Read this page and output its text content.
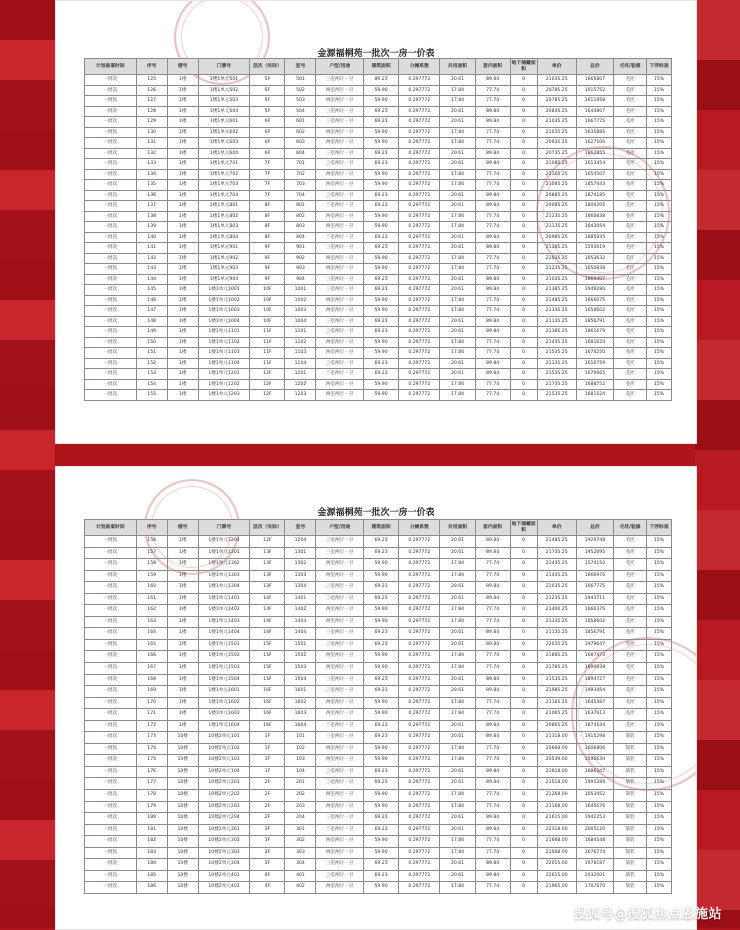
金源福桐苑一批次一房一价表
计划备案时间	序号	楼号	门牌号	层次（实际）	室号	户型/用途	建筑面积	分摊系数	共用面积	套内面积	地下储藏面积	单价	总价	毛坯/装修	下浮标准
一批次	125	1楼	1楼1单元501	5F	501	三室两厅一卫	89.23	0.297772	20.61	89.84	0	21035.25	1665807	毛坯	15%
一批次	126	1楼	1楼1单元502	5F	502	两室两厅一卫	59.90	0.297772	17.84	77.74	0	20785.25	1615752	毛坯	15%
一批次	127	1楼	1楼1单元503	5F	503	两室两厅一卫	59.90	0.297772	17.84	77.74	0	20785.25	1611958	毛坯	15%
一批次	128	1楼	1楼1单元504	5F	504	三室两厅一卫	69.23	0.297772	20.61	89.84	0	20835.25	1644807	毛坯	15%
一批次	129	1楼	1楼1单元601	6F	601	三室两厅一卫	69.23	0.297772	20.61	89.84	0	21035.25	1667775	毛坯	15%
一批次	130	1楼	1楼1单元602	6F	602	两室两厅一卫	59.90	0.297772	17.84	77.74	0	21035.25	1635885	毛坯	15%
一批次	131	1楼	1楼1单元603	6F	603	两室两厅一卫	59.90	0.297772	17.84	77.74	0	20935.25	1627506	毛坯	15%
一批次	132	1楼	1楼1单元604	6F	604	三室两厅一卫	69.23	0.297772	20.61	89.84	0	20735.25	1862855	毛坯	15%
一批次	133	1楼	1楼1单元701	7F	701	三室两厅一卫	69.23	0.297772	20.61	89.84	0	21085.25	1613454	毛坯	15%
一批次	134	1楼	1楼1单元702	7F	702	两室两厅一卫	59.90	0.297772	17.84	77.74	0	21165.25	1654507	毛坯	15%
一批次	135	1楼	1楼1单元703	7F	703	两室两厅一卫	59.90	0.297772	17.84	77.74	0	21085.25	1657443	毛坯	15%
一批次	136	1楼	1楼1单元704	7F	704	三室两厅一卫	69.23	0.297772	20.61	89.84	0	20885.25	1874185	毛坯	15%
一批次	137	1楼	1楼1单元801	8F	801	三室两厅一卫	69.23	0.297772	20.61	89.84	0	20085.25	1800205	毛坯	15%
一批次	138	1楼	1楼1单元802	8F	802	两室两厅一卫	59.90	0.297772	17.84	77.74	0	21235.25	1660838	毛坯	15%
一批次	139	1楼	1楼1单元803	8F	803	两室两厅一卫	59.90	0.297772	17.84	77.74	0	21135.25	1643054	毛坯	15%
一批次	140	1楼	1楼1单元804	8F	804	三室两厅一卫	69.23	0.297772	20.61	89.84	0	20985.25	1885835	毛坯	15%
一批次	141	1楼	1楼1单元901	9F	901	三室两厅一卫	69.23	0.297772	20.61	89.84	0	21385.25	1593019	毛坯	15%
一批次	142	1楼	1楼1单元902	9F	902	两室两厅一卫	59.90	0.297772	17.84	77.74	0	21035.25	1653632	毛坯	15%
一批次	143	1楼	1楼1单元903	9F	903	两室两厅一卫	59.90	0.297772	17.84	77.74	0	21235.25	1650838	毛坯	15%
一批次	144	1楼	1楼1单元904	9F	904	三室两厅一卫	69.23	0.297772	20.61	89.84	0	21035.25	1869407	毛坯	15%
一批次	145	1楼	1楼1单元1001	10F	1001	三室两厅一卫	69.23	0.297772	20.61	89.84	0	21385.25	1949280	毛坯	15%
一批次	146	1楼	1楼1单元1002	10F	1002	两室两厅一卫	59.90	0.297772	17.84	77.74	0	21485.25	1666075	毛坯	15%
一批次	147	1楼	1楼1单元1003	10F	1003	两室两厅一卫	59.90	0.297772	17.84	77.74	0	21335.25	1658602	毛坯	15%
一批次	148	1楼	1楼1单元1004	10F	1004	三室两厅一卫	69.23	0.297772	20.61	89.84	0	21135.25	1856791	毛坯	15%
一批次	149	1楼	1楼1单元1101	11F	1101	三室两厅一卫	69.23	0.297772	20.61	89.84	0	21385.25	1861679	毛坯	15%
一批次	150	1楼	1楼1单元1102	11F	1102	两室两厅一卫	59.90	0.297772	17.84	77.74	0	21435.25	1681024	毛坯	15%
一批次	151	1楼	1楼1单元1103	11F	1103	两室两厅一卫	59.90	0.297772	17.84	77.74	0	21535.25	1674250	毛坯	15%
一批次	152	1楼	1楼1单元1104	11F	1104	三室两厅一卫	69.23	0.297772	20.61	89.84	0	21335.25	1616759	毛坯	15%
一批次	153	1楼	1楼1单元1201	12F	1201	三室两厅一卫	69.23	0.297772	20.61	89.84	0	21535.25	1670665	毛坯	15%
一批次	154	1楼	1楼1单元1202	12F	1202	两室两厅一卫	59.90	0.297772	17.84	77.74	0	21735.25	1688752	毛坯	15%
一批次	155	1楼	1楼1单元1203	12F	1203	两室两厅一卫	59.90	0.297772	17.84	77.74	0	21535.25	1681524	毛坯	15%
金源福桐苑一批次一房一价表
计划备案时间	序号	楼号	门牌号	层次（实际）	室号	户型/用途	建筑面积	分摊系数	共用面积	套内面积	地下储藏面积	单价	总价	毛坯/装修	下浮标准
一批次	156	1楼	1楼1单元1204	12F	1204	三室两厅一卫	69.23	0.297772	20.61	89.84	0	21485.25	1929748	毛坯	15%
一批次	157	1楼	1楼1单元1301	13F	1301	三室两厅一卫	69.23	0.297772	20.61	89.84	0	21735.25	1952695	毛坯	15%
一批次	158	1楼	1楼1单元1302	13F	1302	两室两厅一卫	59.90	0.297772	17.84	77.74	0	21435.25	1574150	毛坯	15%
一批次	159	1楼	1楼1单元1303	13F	1303	两室两厅一卫	59.90	0.297772	17.84	77.74	0	21435.25	1666976	毛坯	15%
一批次	160	1楼	1楼1单元1304	13F	1304	三室两厅一卫	69.23	0.297772	20.61	89.84	0	21035.25	1667775	毛坯	15%
一批次	161	1楼	1楼1单元1401	14F	1401	三室两厅一卫	69.23	0.297772	20.61	89.84	0	21235.25	1943711	毛坯	15%
一批次	162	1楼	1楼1单元1402	14F	1402	两室两厅一卫	59.90	0.297772	17.84	77.74	0	21400.25	1660376	毛坯	15%
一批次	163	1楼	1楼1单元1403	14F	1403	两室两厅一卫	59.90	0.297772	17.84	77.74	0	21335.25	1658602	毛坯	15%
一批次	164	1楼	1楼1单元1404	14F	1404	三室两厅一卫	69.23	0.297772	20.61	89.84	0	21135.25	1856791	毛坯	15%
一批次	165	1楼	1楼1单元1501	15F	1501	三室两厅一卫	69.23	0.297772	20.61	89.84	0	22035.25	1979647	毛坯	15%
一批次	166	1楼	1楼1单元1502	15F	1502	两室两厅一卫	59.90	0.297772	17.84	77.74	0	21885.25	1687473	毛坯	15%
一批次	167	1楼	1楼1单元1503	15F	1503	两室两厅一卫	59.90	0.297772	17.84	77.74	0	21785.25	1690938	毛坯	15%
一批次	168	1楼	1楼1单元1504	15F	1504	三室两厅一卫	69.23	0.297772	20.61	89.84	0	21535.25	1894727	毛坯	15%
一批次	169	1楼	1楼1单元1601	16F	1601	三室两厅一卫	69.23	0.297772	20.61	89.84	0	21985.25	1993454	毛坯	15%
一批次	170	1楼	1楼1单元1602	16F	1602	两室两厅一卫	59.90	0.297772	17.84	77.74	0	21165.25	1645387	毛坯	15%
一批次	171	1楼	1楼1单元1603	16F	1603	两室两厅一卫	59.90	0.297772	17.84	77.74	0	21065.25	1637613	毛坯	15%
一批次	172	1楼	1楼1单元1604	16F	1604	三室两厅一卫	69.23	0.297772	20.61	89.84	0	20865.25	1874534	毛坯	15%
一批次	173	10楼	10楼2单元101	1F	101	三室两厅一卫	69.23	0.297772	20.61	89.84	0	21318.00	1915298	简装	15%
一批次	174	10楼	10楼2单元102	1F	102	两室两厅一卫	59.90	0.297772	17.84	77.74	0	20668.00	1606806	简装	15%
一批次	175	10楼	10楼2单元103	1F	103	两室两厅一卫	59.90	0.297772	17.84	77.74	0	20539.00	1596634	简装	15%
一批次	176	10楼	10楼2单元104	1F	104	三室两厅一卫	69.23	0.297772	20.61	89.84	0	21618.00	1886347	简装	15%
一批次	177	10楼	10楼2单元201	2F	201	三室两厅一卫	69.23	0.297772	20.61	89.84	0	21518.00	1995289	简装	15%
一批次	178	10楼	10楼2单元202	2F	202	两室两厅一卫	59.90	0.297772	17.84	77.74	0	21268.00	1653452	简装	15%
一批次	179	10楼	10楼2单元203	2F	203	两室两厅一卫	59.90	0.297772	17.84	77.74	0	21168.00	1645676	简装	15%
一批次	180	10楼	10楼2单元204	2F	204	三室两厅一卫	69.23	0.297772	20.61	89.84	0	21615.00	1942253	简装	15%
一批次	181	10楼	10楼2单元301	3F	301	三室两厅一卫	69.23	0.297772	20.61	89.84	0	22318.00	2005120	简装	15%
一批次	182	10楼	10楼2单元302	3F	302	两室两厅一卫	59.90	0.297772	17.84	77.74	0	21668.00	1684548	简装	15%
一批次	183	10楼	10楼2单元303	3F	303	两室两厅一卫	59.90	0.297772	17.84	77.74	0	21568.00	1676774	简装	15%
一批次	184	10楼	10楼2单元304	3F	304	三室两厅一卫	69.23	0.297772	20.61	89.84	0	22015.00	1978187	简装	15%
一批次	185	10楼	10楼2单元401	4F	401	三室两厅一卫	69.23	0.297772	20.61	89.84	0	22615.00	2032001	简装	15%
一批次	186	10楼	10楼2单元402	4F	402	两室两厅一卫	59.90	0.297772	17.84	77.74	0	21965.00	1707670	简装	15%
搜狐号@搜狐焦点恩施站
